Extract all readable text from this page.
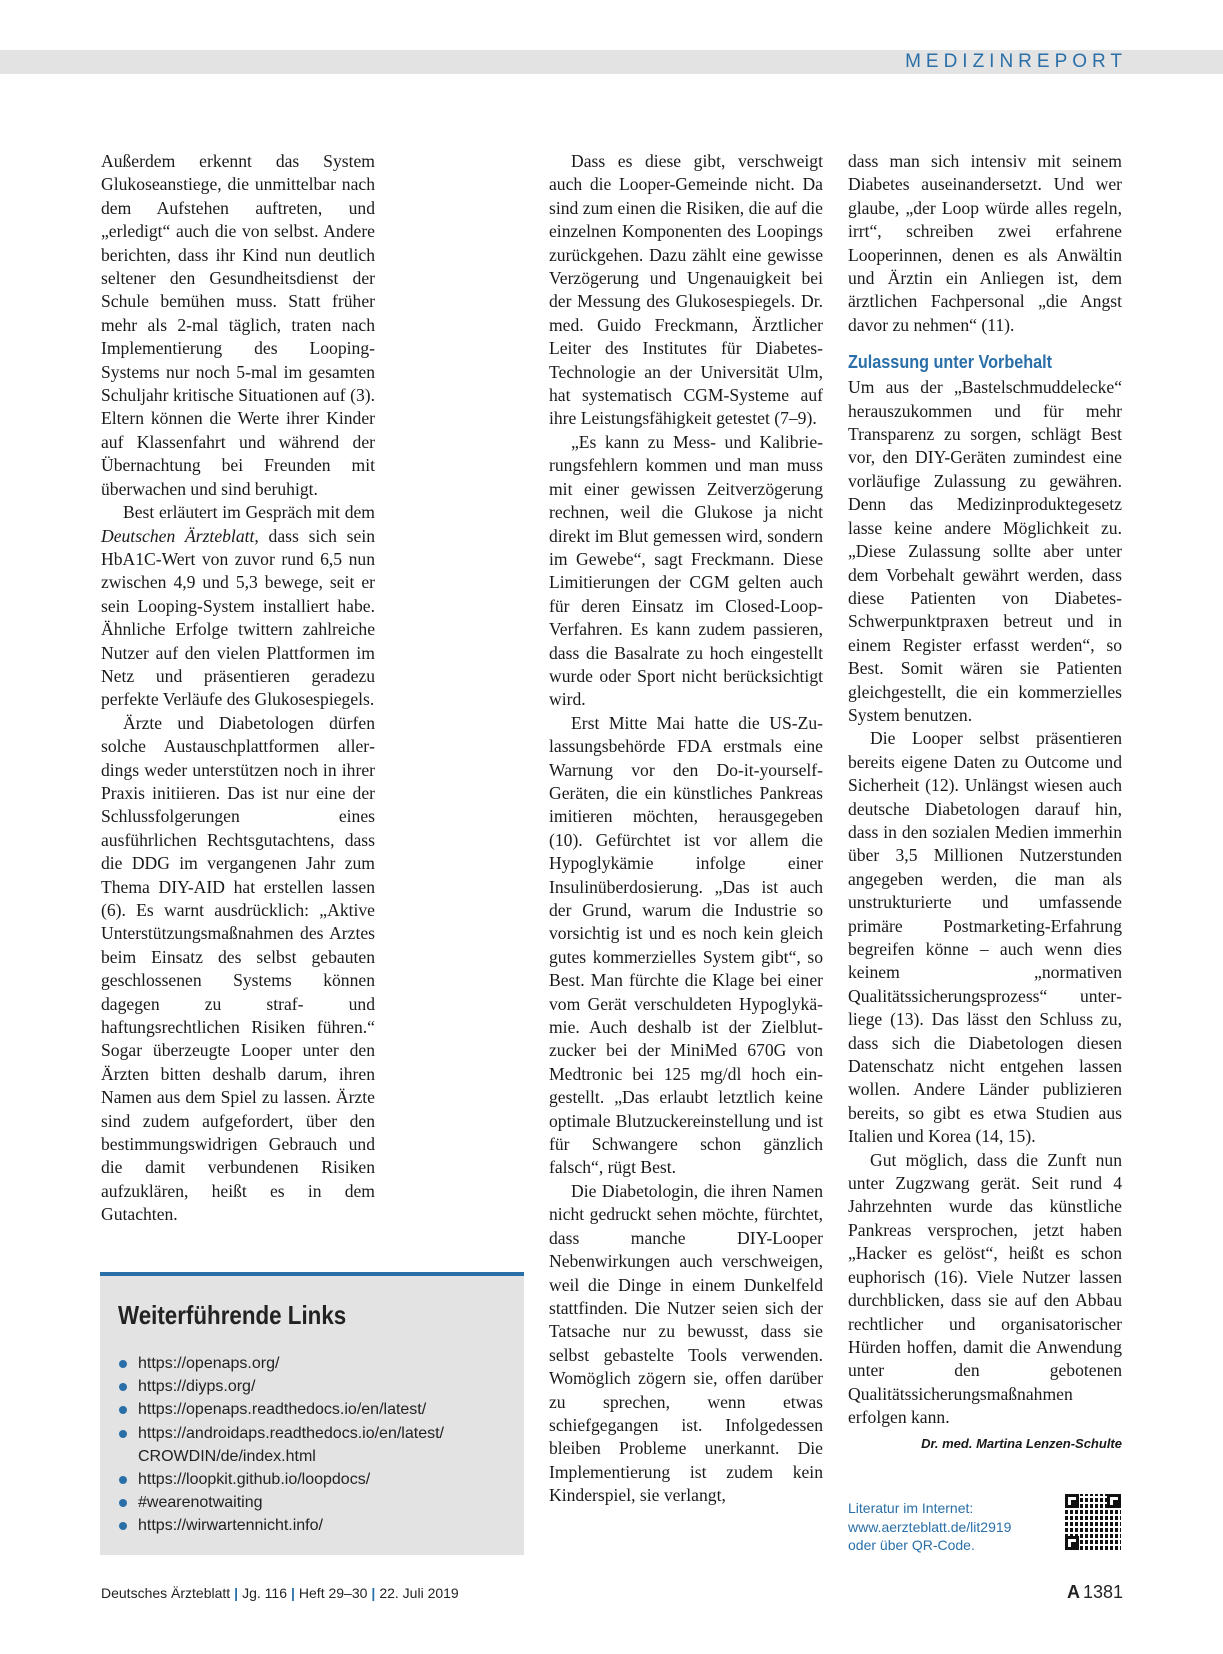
MEDIZINREPORT

Außerdem erkennt das System Glukoseanstiege, die unmittelbar nach dem Aufstehen auftreten, und „erledigt“ auch die von selbst. Andere berichten, dass ihr Kind nun deutlich seltener den Gesundheitsdienst der Schule bemühen muss. Statt früher mehr als 2-mal täglich, traten nach Implementierung des Looping-Systems nur noch 5-mal im gesamten Schuljahr kritische Situationen auf (3). Eltern können die Werte ihrer Kinder auf Klassenfahrt und während der Übernachtung bei Freunden mit überwachen und sind beruhigt.

Best erläutert im Gespräch mit dem Deutschen Ärzteblatt, dass sich sein HbA1C-Wert von zuvor rund 6,5 nun zwischen 4,9 und 5,3 bewege, seit er sein Looping-System installiert habe. Ähnliche Erfolge twittern zahlreiche Nutzer auf den vielen Plattformen im Netz und präsentieren geradezu perfekte Verläufe des Glukosespiegels.

Ärzte und Diabetologen dürfen solche Austauschplattformen allerdings weder unterstützen noch in ihrer Praxis initiieren. Das ist nur eine der Schlussfolgerungen eines ausführlichen Rechtsgutachtens, dass die DDG im vergangenen Jahr zum Thema DIY-AID hat erstellen lassen (6). Es warnt ausdrücklich: „Aktive Unterstützungsmaßnahmen des Arztes beim Einsatz des selbst gebauten geschlossenen Systems können dagegen zu straf- und haftungsrechtlichen Risiken führen.“ Sogar überzeugte Looper unter den Ärzten bitten deshalb darum, ihren Namen aus dem Spiel zu lassen. Ärzte sind zudem aufgefordert, über den bestimmungswidrigen Gebrauch und die damit verbundenen Risiken aufzuklären, heißt es in dem Gutachten.

Dass es diese gibt, verschweigt auch die Looper-Gemeinde nicht. Da sind zum einen die Risiken, die auf die einzelnen Komponenten des Loopings zurückgehen. Dazu zählt eine gewisse Verzögerung und Ungenauigkeit bei der Messung des Glukosespiegels. Dr. med. Guido Freckmann, Ärztlicher Leiter des Institutes für Diabetes-Technologie an der Universität Ulm, hat systematisch CGM-Systeme auf ihre Leistungsfähigkeit getestet (7–9).

„Es kann zu Mess- und Kalibrierungsfehlern kommen und man muss mit einer gewissen Zeitverzögerung rechnen, weil die Glukose ja nicht direkt im Blut gemessen wird, sondern im Gewebe“, sagt Freckmann. Diese Limitierungen der CGM gelten auch für deren Einsatz im Closed-Loop-Verfahren. Es kann zudem passieren, dass die Basalrate zu hoch eingestellt wurde oder Sport nicht berücksichtigt wird.

Erst Mitte Mai hatte die US-Zulassungsbehörde FDA erstmals eine Warnung vor den Do-it-yourself-Geräten, die ein künstliches Pankreas imitieren möchten, herausgegeben (10). Gefürchtet ist vor allem die Hypoglykämie infolge einer Insulinüberdosierung. „Das ist auch der Grund, warum die Industrie so vorsichtig ist und es noch kein gleich gutes kommerzielles System gibt“, so Best. Man fürchte die Klage bei einer vom Gerät verschuldeten Hypoglykämie. Auch deshalb ist der Zielblutzucker bei der MiniMed 670G von Medtronic bei 125 mg/dl hoch eingestellt. „Das erlaubt letztlich keine optimale Blutzuckereinstellung und ist für Schwangere schon gänzlich falsch“, rügt Best.

Die Diabetologin, die ihren Namen nicht gedruckt sehen möchte, fürchtet, dass manche DIY-Looper Nebenwirkungen auch verschweigen, weil die Dinge in einem Dunkelfeld stattfinden. Die Nutzer seien sich der Tatsache nur zu bewusst, dass sie selbst gebastelte Tools verwenden. Womöglich zögern sie, offen darüber zu sprechen, wenn etwas schiefgegangen ist. Infolgedessen bleiben Probleme unerkannt. Die Implementierung ist zudem kein Kinderspiel, sie verlangt,

dass man sich intensiv mit seinem Diabetes auseinandersetzt. Und wer glaube, „der Loop würde alles regeln, irrt“, schreiben zwei erfahrene Looperinnen, denen es als Anwältin und Ärztin ein Anliegen ist, dem ärztlichen Fachpersonal „die Angst davor zu nehmen“ (11).

Zulassung unter Vorbehalt

Um aus der „Bastelschmuddelecke“ herauszukommen und für mehr Transparenz zu sorgen, schlägt Best vor, den DIY-Geräten zumindest eine vorläufige Zulassung zu gewähren. Denn das Medizinproduktegesetz lasse keine andere Möglichkeit zu. „Diese Zulassung sollte aber unter dem Vorbehalt gewährt werden, dass diese Patienten von Diabetes-Schwerpunktpraxen betreut und in einem Register erfasst werden“, so Best. Somit wären sie Patienten gleichgestellt, die ein kommerzielles System benutzen.

Die Looper selbst präsentieren bereits eigene Daten zu Outcome und Sicherheit (12). Unlängst wiesen auch deutsche Diabetologen darauf hin, dass in den sozialen Medien immerhin über 3,5 Millionen Nutzerstunden angegeben werden, die man als unstrukturierte und umfassende primäre Postmarketing-Erfahrung begreifen könne – auch wenn dies keinem „normativen Qualitätssicherungsprozess“ unterliege (13). Das lässt den Schluss zu, dass sich die Diabetologen diesen Datenschatz nicht entgehen lassen wollen. Andere Länder publizieren bereits, so gibt es etwa Studien aus Italien und Korea (14, 15).

Gut möglich, dass die Zunft nun unter Zugzwang gerät. Seit rund 4 Jahrzehnten wurde das künstliche Pankreas versprochen, jetzt haben „Hacker es gelöst“, heißt es schon euphorisch (16). Viele Nutzer lassen durchblicken, dass sie auf den Abbau rechtlicher und organisatorischer Hürden hoffen, damit die Anwendung unter den gebotenen Qualitätssicherungsmaßnahmen erfolgen kann.

Dr. med. Martina Lenzen-Schulte
Weiterführende Links
https://openaps.org/
https://diyps.org/
https://openaps.readthedocs.io/en/latest/
https://androidaps.readthedocs.io/en/latest/
CROWDIN/de/index.html
https://loopkit.github.io/loopdocs/
#wearenotwaiting
https://wirwartennicht.info/
Literatur im Internet:
www.aerzteblatt.de/lit2919
oder über QR-Code.
Deutsches Ärzteblatt | Jg. 116 | Heft 29–30 | 22. Juli 2019	A 1381
